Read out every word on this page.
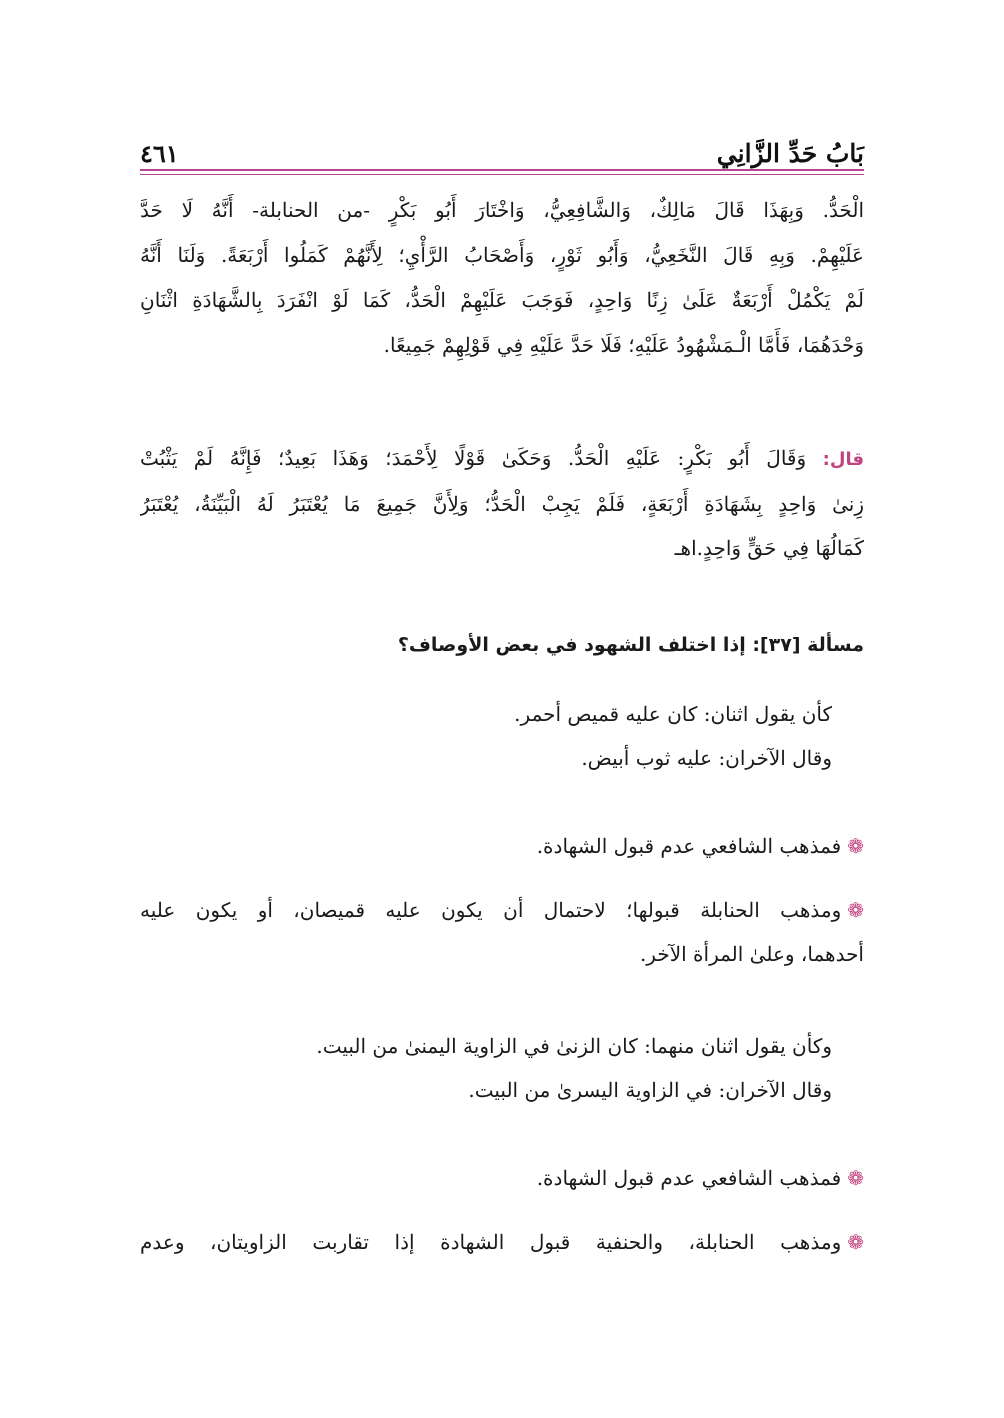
بَابُ حَدِّ الزَّانِي
٤٦١
الْحَدُّ. وَبِهَذَا قَالَ مَالِكٌ، وَالشَّافِعِيُّ، وَاخْتَارَ أَبُو بَكْرٍ -من الحنابلة- أَنَّهُ لَا حَدَّ
عَلَيْهِمْ. وَبِهِ قَالَ النَّخَعِيُّ، وَأَبُو ثَوْرٍ، وَأَصْحَابُ الرَّأْيِ؛ لِأَنَّهُمْ كَمَلُوا أَرْبَعَةً. وَلَنَا أَنَّهُ
لَمْ يَكْمُلْ أَرْبَعَةٌ عَلَىٰ زِنًا وَاحِدٍ، فَوَجَبَ عَلَيْهِمْ الْحَدُّ، كَمَا لَوْ انْفَرَدَ بِالشَّهَادَةِ اثْنَانِ
وَحْدَهُمَا، فَأَمَّا الْـمَشْهُودُ عَلَيْهِ؛ فَلَا حَدَّ عَلَيْهِ فِي قَوْلِهِمْ جَمِيعًا.
قال: وَقَالَ أَبُو بَكْرٍ: عَلَيْهِ الْحَدُّ. وَحَكَىٰ قَوْلًا لِأَحْمَدَ؛ وَهَذَا بَعِيدٌ؛ فَإِنَّهُ لَمْ يَثْبُتْ
زِنىٰ وَاحِدٍ بِشَهَادَةِ أَرْبَعَةٍ، فَلَمْ يَجِبْ الْحَدُّ؛ وَلِأَنَّ جَمِيعَ مَا يُعْتَبَرُ لَهُ الْبَيِّنَةُ، يُعْتَبَرُ
كَمَالُهَا فِي حَقٍّ وَاحِدٍ.اهـ
مسألة [٣٧]: إذا اختلف الشهود في بعض الأوصاف؟
كأن يقول اثنان: كان عليه قميص أحمر.
وقال الآخران: عليه ثوب أبيض.
❁فمذهب الشافعي عدم قبول الشهادة.
❁ومذهب الحنابلة قبولها؛ لاحتمال أن يكون عليه قميصان، أو يكون عليه
أحدهما، وعلىٰ المرأة الآخر.
وكأن يقول اثنان منهما: كان الزنىٰ في الزاوية اليمنىٰ من البيت.
وقال الآخران: في الزاوية اليسرىٰ من البيت.
❁فمذهب الشافعي عدم قبول الشهادة.
❁ومذهب الحنابلة، والحنفية قبول الشهادة إذا تقاربت الزاويتان، وعدم
